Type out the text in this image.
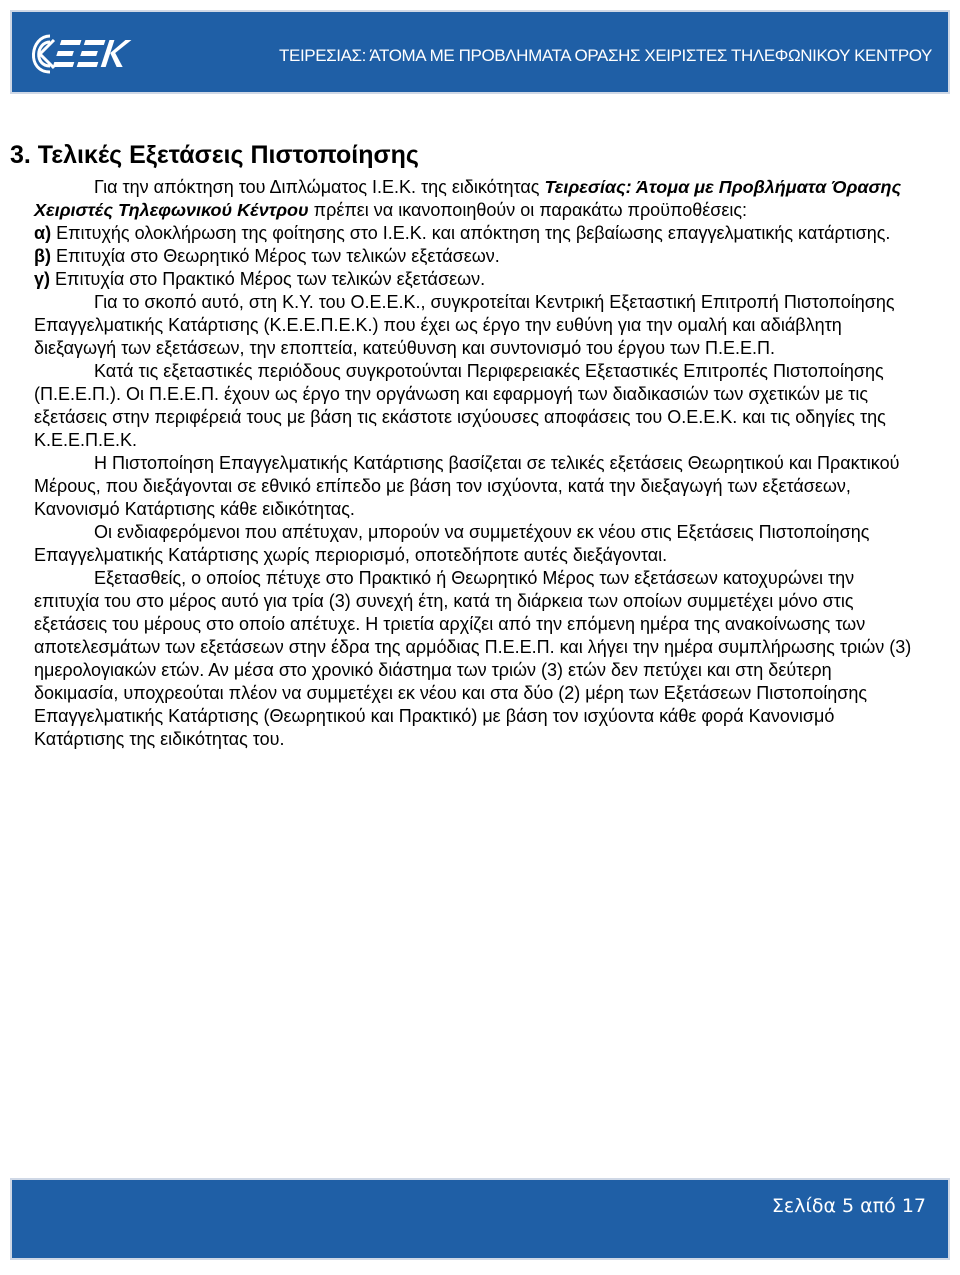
ΤΕΙΡΕΣΙΑΣ: ΆΤΟΜΑ ΜΕ ΠΡΟΒΛΗΜΑΤΑ ΟΡΑΣΗΣ ΧΕΙΡΙΣΤΕΣ ΤΗΛΕΦΩΝΙΚΟΥ ΚΕΝΤΡΟΥ
3. Τελικές Εξετάσεις Πιστοποίησης

Για την απόκτηση του Διπλώματος Ι.Ε.Κ. της ειδικότητας Τειρεσίας: Άτομα με Προβλήματα Όρασης Χειριστές Τηλεφωνικού Κέντρου πρέπει να ικανοποιηθούν οι παρακάτω προϋποθέσεις:

α) Επιτυχής ολοκλήρωση της φοίτησης στο Ι.Ε.Κ. και απόκτηση της βεβαίωσης επαγγελματικής κατάρτισης.

β) Επιτυχία στο Θεωρητικό Μέρος των τελικών εξετάσεων.

γ) Επιτυχία στο Πρακτικό Μέρος των τελικών εξετάσεων.

Για το σκοπό αυτό, στη Κ.Υ. του Ο.Ε.Ε.Κ., συγκροτείται Κεντρική Εξεταστική Επιτροπή Πιστοποίησης Επαγγελματικής Κατάρτισης (Κ.Ε.Ε.Π.Ε.Κ.) που έχει ως έργο την ευθύνη για την ομαλή και αδιάβλητη διεξαγωγή των εξετάσεων, την εποπτεία, κατεύθυνση και συντονισμό του έργου των Π.Ε.Ε.Π.

Κατά τις εξεταστικές περιόδους συγκροτούνται Περιφερειακές Εξεταστικές Επιτροπές Πιστοποίησης (Π.Ε.Ε.Π.). Οι Π.Ε.Ε.Π. έχουν ως έργο την οργάνωση και εφαρμογή των διαδικασιών των σχετικών με τις εξετάσεις στην περιφέρειά τους με βάση τις εκάστοτε ισχύουσες αποφάσεις του Ο.Ε.Ε.Κ. και τις οδηγίες της Κ.Ε.Ε.Π.Ε.Κ.

Η Πιστοποίηση Επαγγελματικής Κατάρτισης βασίζεται σε τελικές εξετάσεις Θεωρητικού και Πρακτικού Μέρους, που διεξάγονται σε εθνικό επίπεδο με βάση τον ισχύοντα, κατά την διεξαγωγή των εξετάσεων, Κανονισμό Κατάρτισης κάθε ειδικότητας.

Οι ενδιαφερόμενοι που απέτυχαν, μπορούν να συμμετέχουν εκ νέου στις Εξετάσεις Πιστοποίησης Επαγγελματικής Κατάρτισης χωρίς περιορισμό, οποτεδήποτε αυτές διεξάγονται.

Εξετασθείς, ο οποίος πέτυχε στο Πρακτικό ή Θεωρητικό Μέρος των εξετάσεων κατοχυρώνει την επιτυχία του στο μέρος αυτό για τρία (3) συνεχή έτη, κατά τη διάρκεια των οποίων συμμετέχει μόνο στις εξετάσεις του μέρους στο οποίο απέτυχε. Η τριετία αρχίζει από την επόμενη ημέρα της ανακοίνωσης των αποτελεσμάτων των εξετάσεων στην έδρα της αρμόδιας Π.Ε.Ε.Π. και λήγει την ημέρα συμπλήρωσης τριών (3) ημερολογιακών ετών. Αν μέσα στο χρονικό διάστημα των τριών (3) ετών δεν πετύχει και στη δεύτερη δοκιμασία, υποχρεούται πλέον να συμμετέχει εκ νέου και στα δύο (2) μέρη των Εξετάσεων Πιστοποίησης Επαγγελματικής Κατάρτισης (Θεωρητικού και Πρακτικό) με βάση τον ισχύοντα κάθε φορά Κανονισμό Κατάρτισης της ειδικότητας του.

Σελίδα 5 από 17
